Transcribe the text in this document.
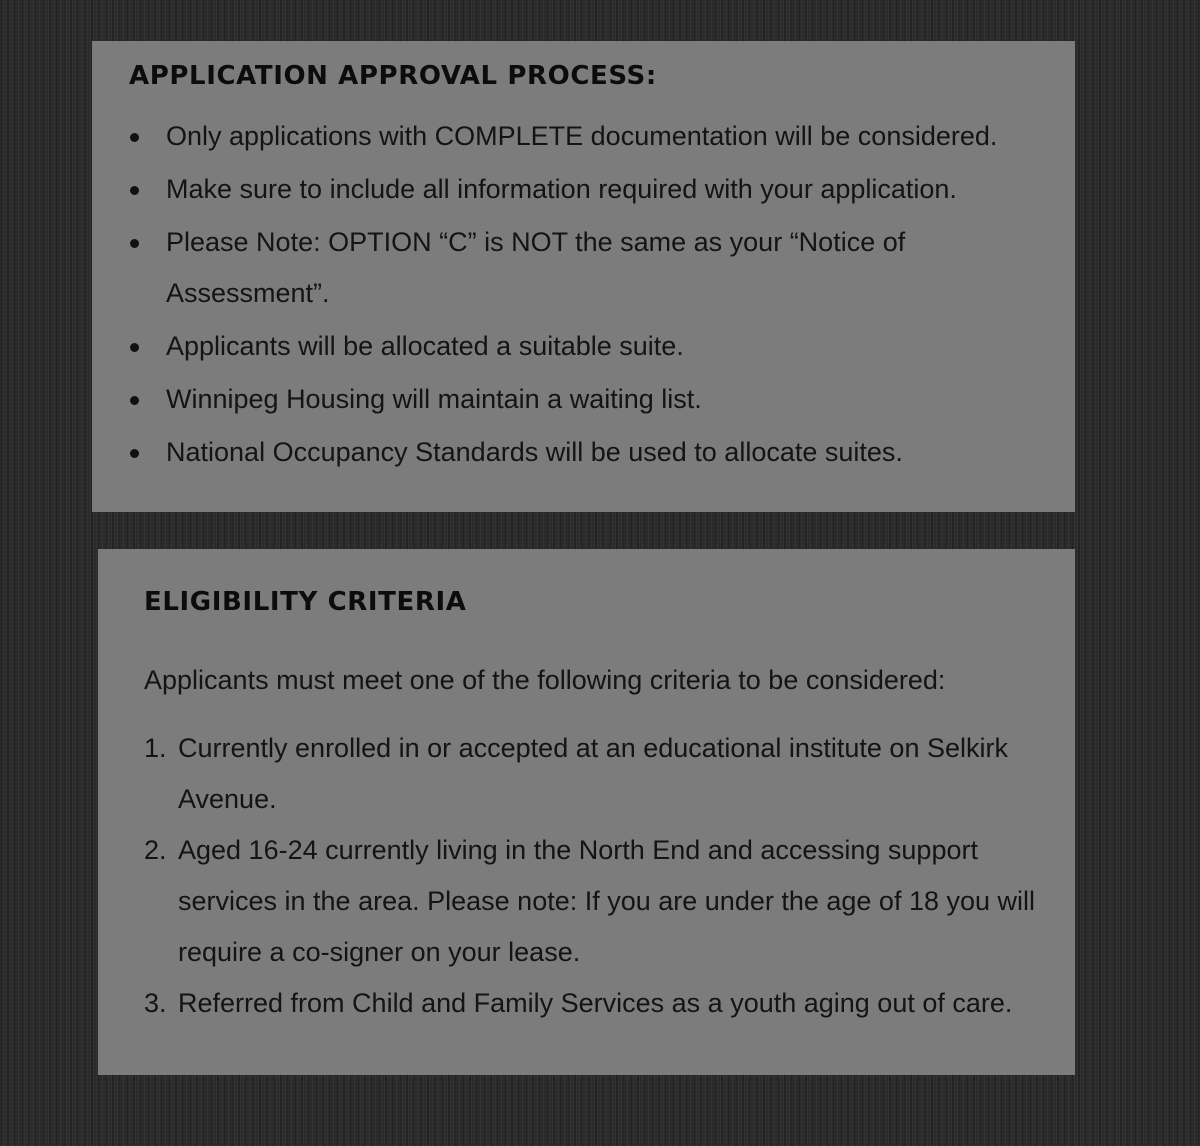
APPLICATION APPROVAL PROCESS:
Only applications with COMPLETE documentation will be considered.
Make sure to include all information required with your application.
Please Note: OPTION “C” is NOT the same as your “Notice of Assessment”.
Applicants will be allocated a suitable suite.
Winnipeg Housing will maintain a waiting list.
National Occupancy Standards will be used to allocate suites.
ELIGIBILITY CRITERIA

Applicants must meet one of the following criteria to be considered:

1. Currently enrolled in or accepted at an educational institute on Selkirk Avenue.
2. Aged 16-24 currently living in the North End and accessing support services in the area. Please note: If you are under the age of 18 you will require a co-signer on your lease.
3. Referred from Child and Family Services as a youth aging out of care.
